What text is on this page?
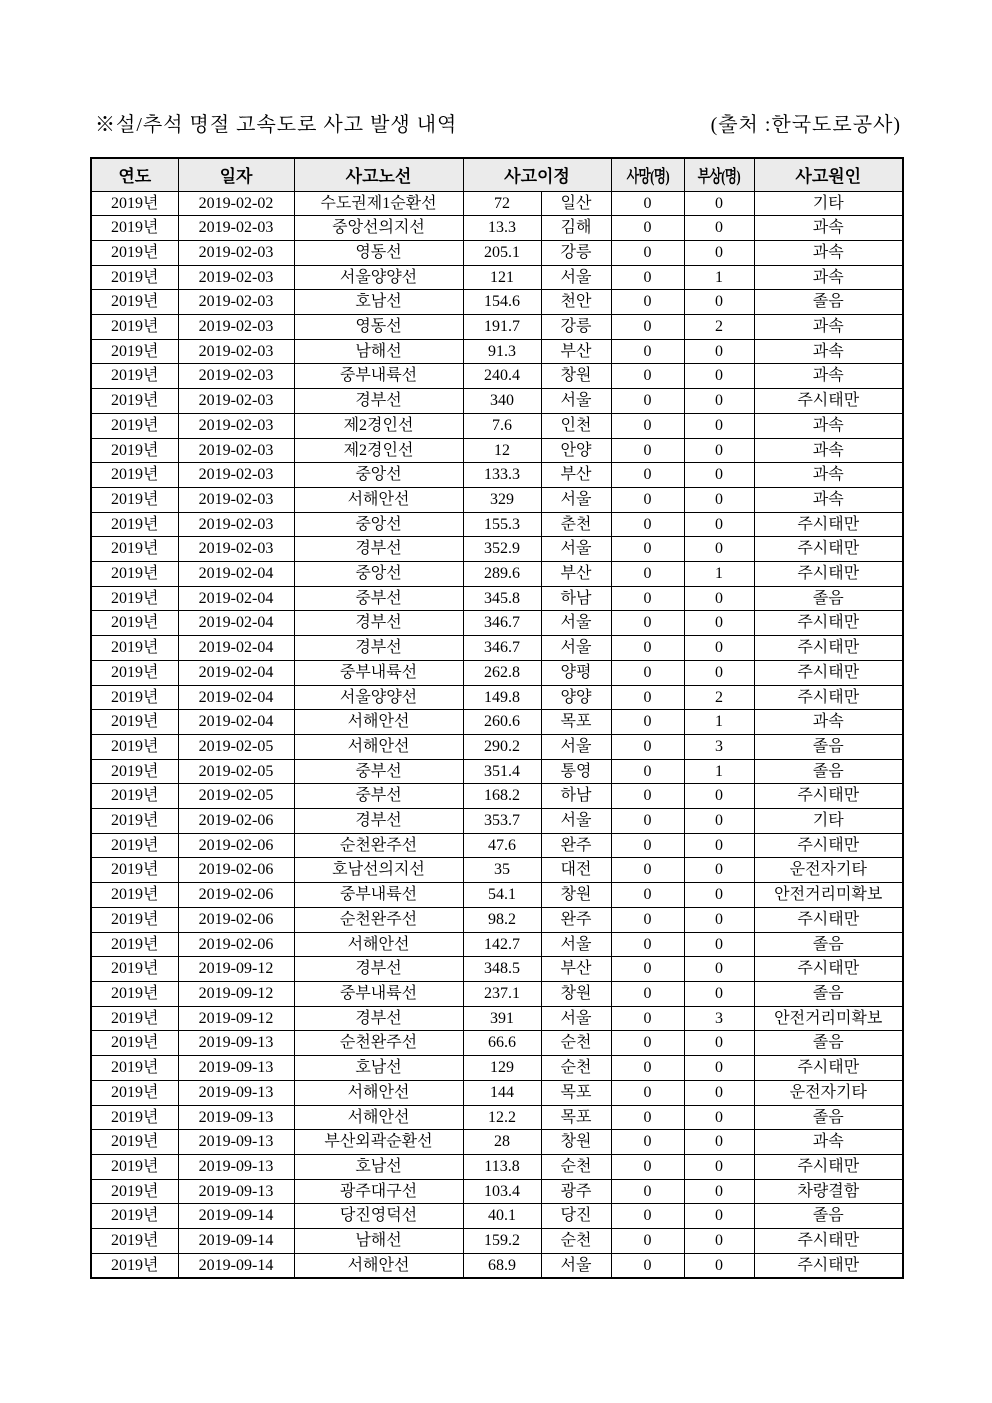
※설/추석 명절 고속도로 사고 발생 내역	(출처 :한국도로공사)
연도	일자	사고노선	사고이정		사망(명)	부상(명)	사고원인
2019년	2019-02-02	수도권제1순환선	72	일산	0	0	기타
2019년	2019-02-03	중앙선의지선	13.3	김해	0	0	과속
2019년	2019-02-03	영동선	205.1	강릉	0	0	과속
2019년	2019-02-03	서울양양선	121	서울	0	1	과속
2019년	2019-02-03	호남선	154.6	천안	0	0	졸음
2019년	2019-02-03	영동선	191.7	강릉	0	2	과속
2019년	2019-02-03	남해선	91.3	부산	0	0	과속
2019년	2019-02-03	중부내륙선	240.4	창원	0	0	과속
2019년	2019-02-03	경부선	340	서울	0	0	주시태만
2019년	2019-02-03	제2경인선	7.6	인천	0	0	과속
2019년	2019-02-03	제2경인선	12	안양	0	0	과속
2019년	2019-02-03	중앙선	133.3	부산	0	0	과속
2019년	2019-02-03	서해안선	329	서울	0	0	과속
2019년	2019-02-03	중앙선	155.3	춘천	0	0	주시태만
2019년	2019-02-03	경부선	352.9	서울	0	0	주시태만
2019년	2019-02-04	중앙선	289.6	부산	0	1	주시태만
2019년	2019-02-04	중부선	345.8	하남	0	0	졸음
2019년	2019-02-04	경부선	346.7	서울	0	0	주시태만
2019년	2019-02-04	경부선	346.7	서울	0	0	주시태만
2019년	2019-02-04	중부내륙선	262.8	양평	0	0	주시태만
2019년	2019-02-04	서울양양선	149.8	양양	0	2	주시태만
2019년	2019-02-04	서해안선	260.6	목포	0	1	과속
2019년	2019-02-05	서해안선	290.2	서울	0	3	졸음
2019년	2019-02-05	중부선	351.4	통영	0	1	졸음
2019년	2019-02-05	중부선	168.2	하남	0	0	주시태만
2019년	2019-02-06	경부선	353.7	서울	0	0	기타
2019년	2019-02-06	순천완주선	47.6	완주	0	0	주시태만
2019년	2019-02-06	호남선의지선	35	대전	0	0	운전자기타
2019년	2019-02-06	중부내륙선	54.1	창원	0	0	안전거리미확보
2019년	2019-02-06	순천완주선	98.2	완주	0	0	주시태만
2019년	2019-02-06	서해안선	142.7	서울	0	0	졸음
2019년	2019-09-12	경부선	348.5	부산	0	0	주시태만
2019년	2019-09-12	중부내륙선	237.1	창원	0	0	졸음
2019년	2019-09-12	경부선	391	서울	0	3	안전거리미확보
2019년	2019-09-13	순천완주선	66.6	순천	0	0	졸음
2019년	2019-09-13	호남선	129	순천	0	0	주시태만
2019년	2019-09-13	서해안선	144	목포	0	0	운전자기타
2019년	2019-09-13	서해안선	12.2	목포	0	0	졸음
2019년	2019-09-13	부산외곽순환선	28	창원	0	0	과속
2019년	2019-09-13	호남선	113.8	순천	0	0	주시태만
2019년	2019-09-13	광주대구선	103.4	광주	0	0	차량결함
2019년	2019-09-14	당진영덕선	40.1	당진	0	0	졸음
2019년	2019-09-14	남해선	159.2	순천	0	0	주시태만
2019년	2019-09-14	서해안선	68.9	서울	0	0	주시태만
